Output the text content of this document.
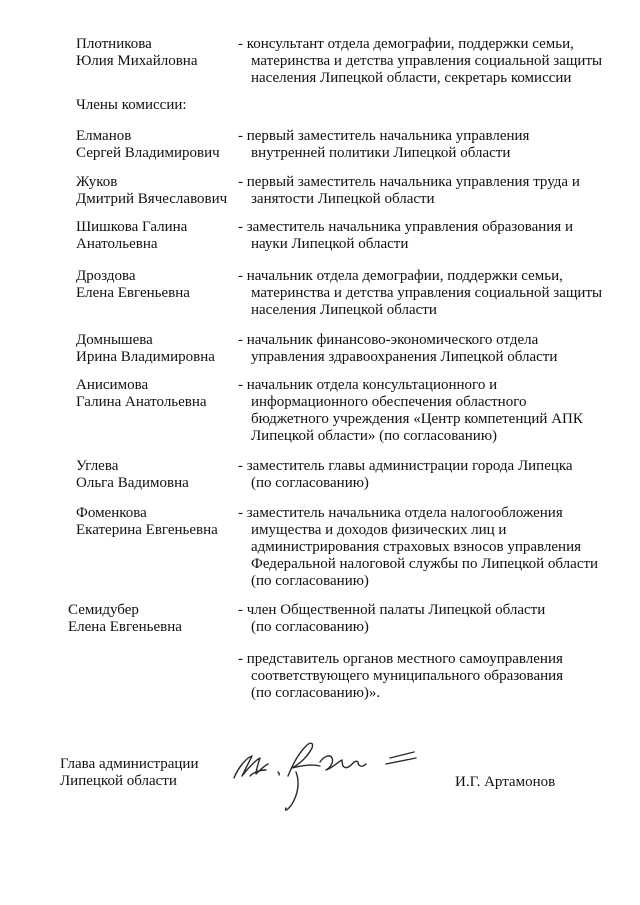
Плотникова
Юлия Михайловна
- консультант отдела демографии, поддержки семьи,
материнства и детства управления социальной защиты
населения Липецкой области, секретарь комиссии
Члены комиссии:
Елманов
Сергей Владимирович
- первый заместитель начальника управления
внутренней политики Липецкой области
Жуков
Дмитрий Вячеславович
- первый заместитель начальника управления труда и
занятости Липецкой области
Шишкова Галина
Анатольевна
- заместитель начальника управления образования и
науки Липецкой области
Дроздова
Елена Евгеньевна
- начальник отдела демографии, поддержки семьи,
материнства и детства управления социальной защиты
населения Липецкой области
Домнышева
Ирина Владимировна
- начальник финансово-экономического отдела
управления здравоохранения Липецкой области
Анисимова
Галина Анатольевна
- начальник отдела консультационного и
информационного обеспечения областного
бюджетного учреждения «Центр компетенций АПК
Липецкой области» (по согласованию)
Углева
Ольга Вадимовна
- заместитель главы администрации города Липецка
(по согласованию)
Фоменкова
Екатерина Евгеньевна
- заместитель начальника отдела налогообложения
имущества и доходов физических лиц и
администрирования страховых взносов управления
Федеральной налоговой службы по Липецкой области
(по согласованию)
Семидубер
Елена Евгеньевна
- член Общественной палаты Липецкой области
(по согласованию)
- представитель органов местного самоуправления
соответствующего муниципального образования
(по согласованию)».
Глава администрации
Липецкой области	И.Г. Артамонов
